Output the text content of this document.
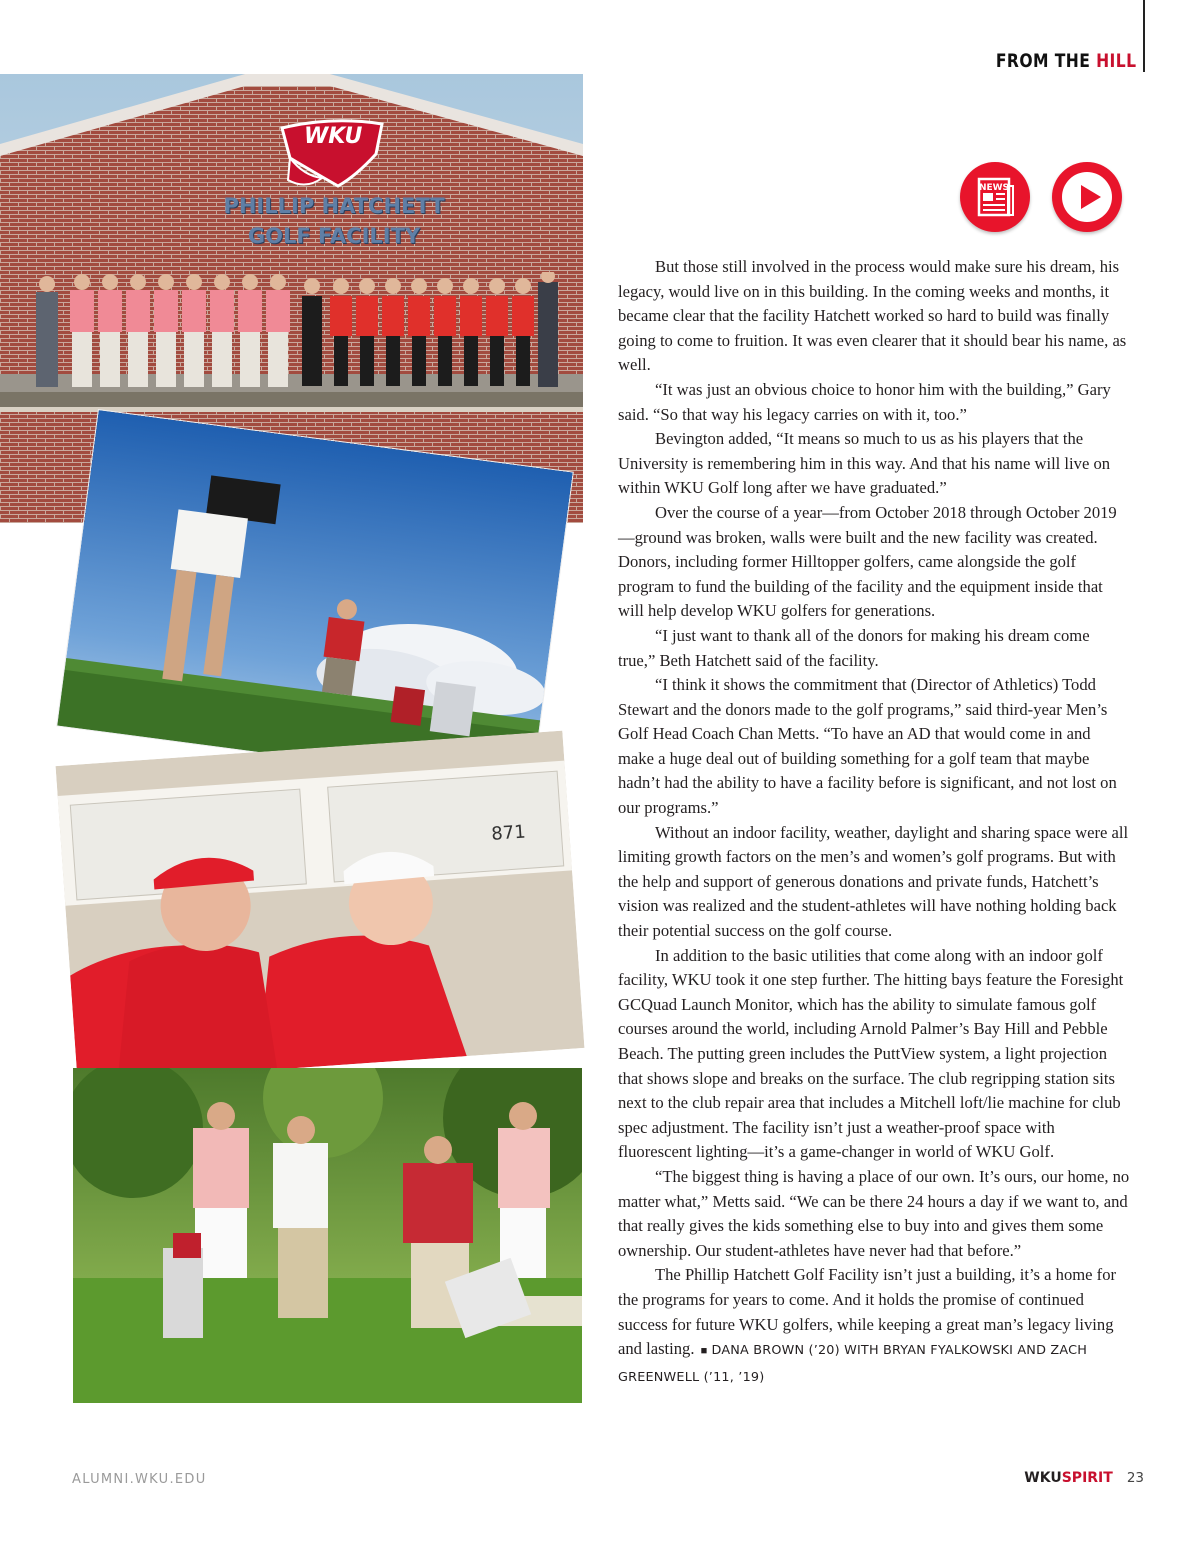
FROM THE HILL
WKU
PHILLIP HATCHETT
GOLF FACILITY
871
NEWS

But those still involved in the process would make sure his dream, his legacy, would live on in this building. In the coming weeks and months, it became clear that the facility Hatchett worked so hard to build was finally going to come to fruition. It was even clearer that it should bear his name, as well.

“It was just an obvious choice to honor him with the building,” Gary said. “So that way his legacy carries on with it, too.”

Bevington added, “It means so much to us as his players that the University is remembering him in this way. And that his name will live on within WKU Golf long after we have graduated.”

Over the course of a year—from October 2018 through October 2019—ground was broken, walls were built and the new facility was created. Donors, including former Hilltopper golfers, came alongside the golf program to fund the building of the facility and the equipment inside that will help develop WKU golfers for generations.

“I just want to thank all of the donors for making his dream come true,” Beth Hatchett said of the facility.

“I think it shows the commitment that (Director of Athletics) Todd Stewart and the donors made to the golf programs,” said third-year Men’s Golf Head Coach Chan Metts. “To have an AD that would come in and make a huge deal out of building something for a golf team that maybe hadn’t had the ability to have a facility before is significant, and not lost on our programs.”

Without an indoor facility, weather, daylight and sharing space were all limiting growth factors on the men’s and women’s golf programs. But with the help and support of generous donations and private funds, Hatchett’s vision was realized and the student-athletes will have nothing holding back their potential success on the golf course.

In addition to the basic utilities that come along with an indoor golf facility, WKU took it one step further. The hitting bays feature the Foresight GCQuad Launch Monitor, which has the ability to simulate famous golf courses around the world, including Arnold Palmer’s Bay Hill and Pebble Beach. The putting green includes the PuttView system, a light projection that shows slope and breaks on the surface. The club regripping station sits next to the club repair area that includes a Mitchell loft/lie machine for club spec adjustment. The facility isn’t just a weather-proof space with fluorescent lighting—it’s a game-changer in world of WKU Golf.

“The biggest thing is having a place of our own. It’s ours, our home, no matter what,” Metts said. “We can be there 24 hours a day if we want to, and that really gives the kids something else to buy into and gives them some ownership. Our student-athletes have never had that before.”

The Phillip Hatchett Golf Facility isn’t just a building, it’s a home for the programs for years to come. And it holds the promise of continued success for future WKU golfers, while keeping a great man’s legacy living and lasting. ■ DANA BROWN (’20) WITH BRYAN FYALKOWSKI AND ZACH GREENWELL (’11, ’19)

ALUMNI.WKU.EDU	WKUSPIRIT 23
